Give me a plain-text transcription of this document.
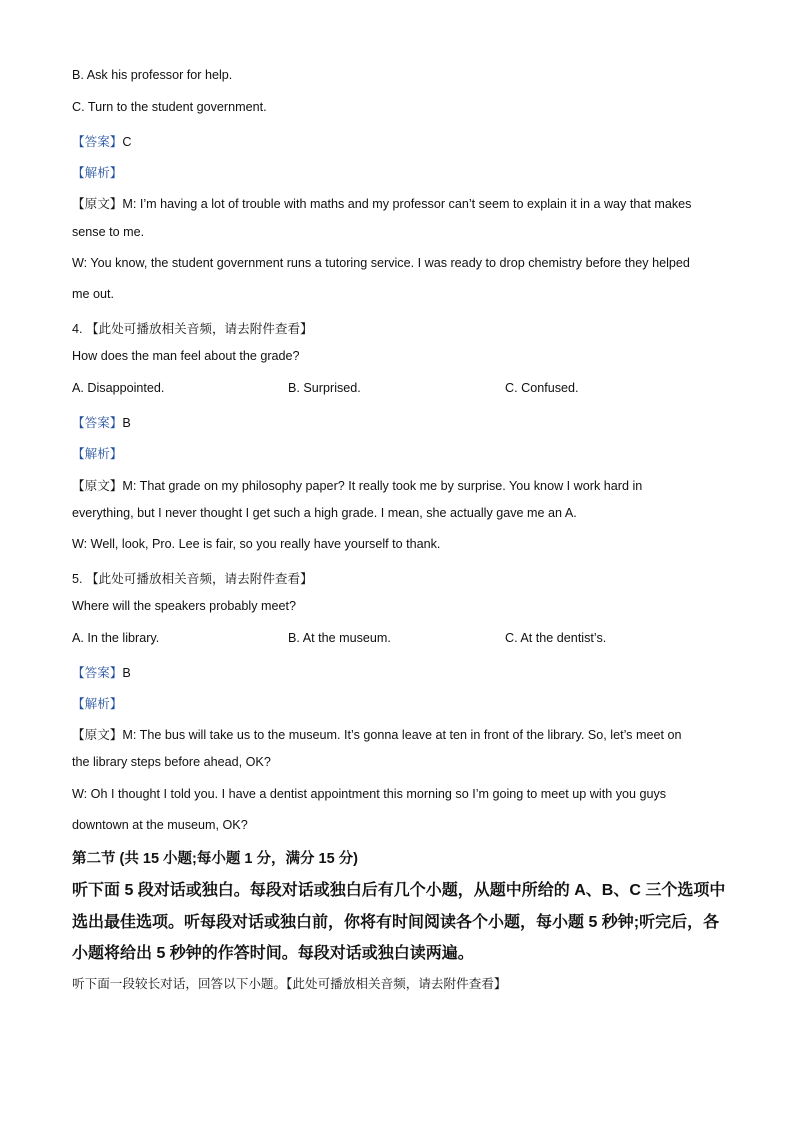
B. Ask his professor for help.
C. Turn to the student government.
【答案】C
【解析】
【原文】M: I’m having a lot of trouble with maths and my professor can’t seem to explain it in a way that makes
sense to me.
W: You know, the student government runs a tutoring service. I was ready to drop chemistry before they helped
me out.
4. 【此处可播放相关音频，请去附件查看】
How does the man feel about the grade?
A. Disappointed.	B. Surprised.	C. Confused.
【答案】B
【解析】
【原文】M: That grade on my philosophy paper? It really took me by surprise. You know I work hard in
everything, but I never thought I get such a high grade. I mean, she actually gave me an A.
W: Well, look, Pro. Lee is fair, so you really have yourself to thank.
5. 【此处可播放相关音频，请去附件查看】
Where will the speakers probably meet?
A. In the library.	B. At the museum.	C. At the dentist’s.
【答案】B
【解析】
【原文】M: The bus will take us to the museum. It’s gonna leave at ten in front of the library. So, let’s meet on
the library steps before ahead, OK?
W: Oh I thought I told you. I have a dentist appointment this morning so I’m going to meet up with you guys
downtown at the museum, OK?
第二节 (共 15 小题;每小题 1 分，满分 15 分)
听下面 5 段对话或独白。每段对话或独白后有几个小题，从题中所给的 A、B、C 三个选项中
选出最佳选项。听每段对话或独白前，你将有时间阅读各个小题，每小题 5 秒钟;听完后，各
小题将给出 5 秒钟的作答时间。每段对话或独白读两遍。
听下面一段较长对话，回答以下小题。【此处可播放相关音频，请去附件查看】
